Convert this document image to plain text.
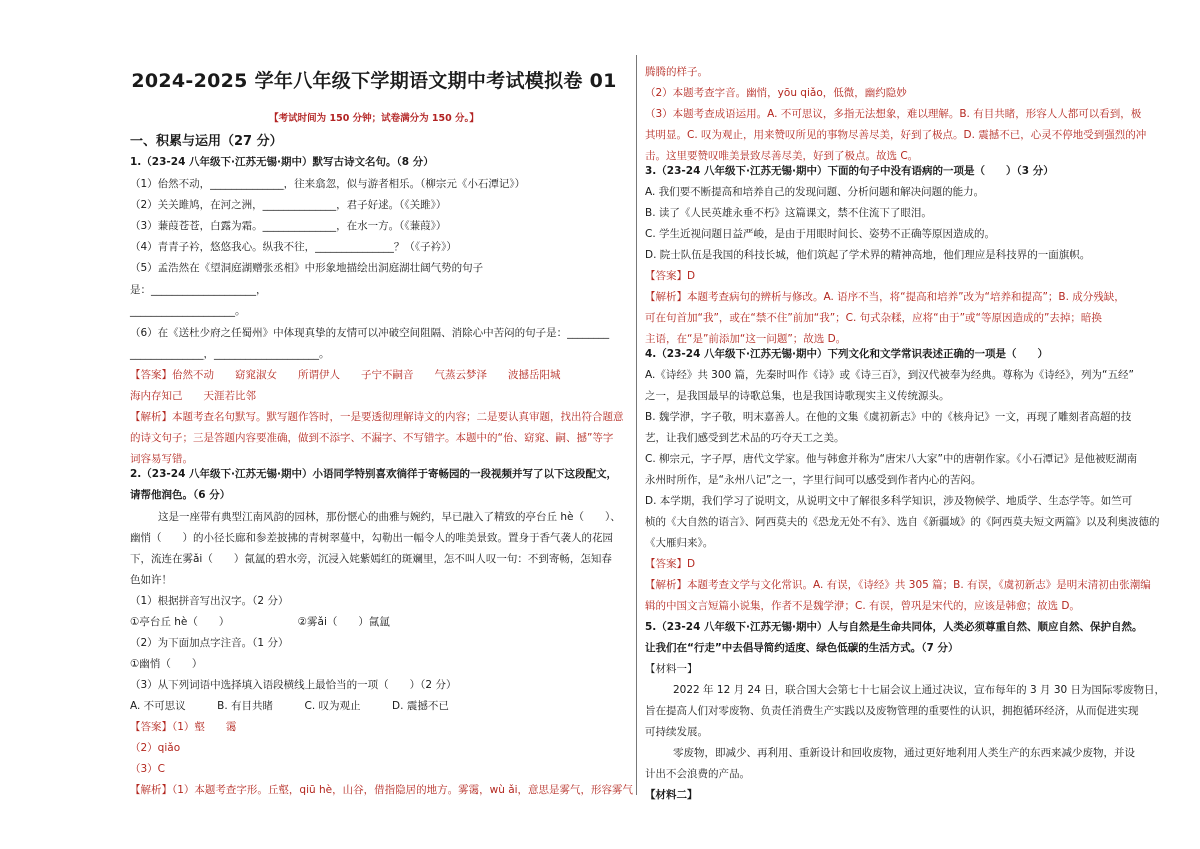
2024-2025 学年八年级下学期语文期中考试模拟卷 01
【考试时间为 150 分钟；试卷满分为 150 分。】
一、积累与运用（27 分）
1.（23-24 八年级下·江苏无锡·期中）默写古诗文名句。（8 分）
（1）佁然不动，______________，往来翕忽，似与游者相乐。（柳宗元《小石潭记》）
（2）关关雎鸠，在河之洲，______________，君子好逑。（《关雎》）
（3）蒹葭苍苍，白露为霜。______________，在水一方。（《蒹葭》）
（4）青青子衿，悠悠我心。纵我不往，_______________？（《子衿》）
（5）孟浩然在《望洞庭湖赠张丞相》中形象地描绘出洞庭湖壮阔气势的句子
是：____________________，
____________________。
（6）在《送杜少府之任蜀州》中体现真挚的友情可以冲破空间阻隔、消除心中苦闷的句子是：________
______________，____________________。
【答案】佁然不动　　窈窕淑女　　所谓伊人　　子宁不嗣音　　气蒸云梦泽　　波撼岳阳城
海内存知己　　天涯若比邻
【解析】本题考查名句默写。默写题作答时，一是要透彻理解诗文的内容；二是要认真审题，找出符合题意
的诗文句子；三是答题内容要准确，做到不添字、不漏字、不写错字。本题中的“佁、窈窕、嗣、撼”等字
词容易写错。
2.（23-24 八年级下·江苏无锡·期中）小语同学特别喜欢徜徉于寄畅园的一段视频并写了以下这段配文，
请帮他润色。（6 分）
这是一座带有典型江南风韵的园林，那份惬心的曲雅与婉约，早已融入了精致的亭台丘 hè（　　）、
幽悄（　　）的小径长廊和参差披拂的青树翠蔓中，勾勒出一幅令人的唯美景致。置身于香气袭人的花园
下，流连在雾ǎi（　　）氤氲的碧水旁，沉浸入姹紫嫣红的斑斓里，怎不叫人叹一句：不到寄畅，怎知春
色如许！
（1）根据拼音写出汉字。（2 分）
①亭台丘 hè（　　）　　　　　　　②雾ǎi（　　）氤氲
（2）为下面加点字注音。（1 分）
①幽悄（　　）
（3）从下列词语中选择填入语段横线上最恰当的一项（　　）（2 分）
A. 不可思议　　　B. 有目共睹　　　C. 叹为观止　　　D. 震撼不已
【答案】（1）壑　　霭
（2）qiǎo
（3）C
【解析】（1）本题考查字形。丘壑，qiū hè，山谷，借指隐居的地方。雾霭，wù ǎi，意思是雾气，形容雾气
腾腾的样子。
（2）本题考查字音。幽悄，yōu qiǎo，低微，幽约隐妙
（3）本题考查成语运用。A. 不可思议，多指无法想象，难以理解。B. 有目共睹，形容人人都可以看到，极
其明显。C. 叹为观止，用来赞叹所见的事物尽善尽美，好到了极点。D. 震撼不已，心灵不停地受到强烈的冲
击。这里要赞叹唯美景致尽善尽美，好到了极点。故选 C。
3.（23-24 八年级下·江苏无锡·期中）下面的句子中没有语病的一项是（　　）（3 分）
A. 我们要不断提高和培养自己的发现问题、分析问题和解决问题的能力。
B. 读了《人民英雄永垂不朽》这篇课文，禁不住流下了眼泪。
C. 学生近视问题日益严峻，是由于用眼时间长、姿势不正确等原因造成的。
D. 院士队伍是我国的科技长城，他们筑起了学术界的精神高地，他们理应是科技界的一面旗帜。
【答案】D
【解析】本题考查病句的辨析与修改。A. 语序不当，将“提高和培养”改为“培养和提高”；B. 成分残缺，
可在句首加“我”，或在“禁不住”前加“我”；C. 句式杂糅，应将“由于”或“等原因造成的”去掉；暗换
主语，在“是”前添加“这一问题”；故选 D。
4.（23-24 八年级下·江苏无锡·期中）下列文化和文学常识表述正确的一项是（　　）
A.《诗经》共 300 篇，先秦时叫作《诗》或《诗三百》，到汉代被奉为经典。尊称为《诗经》，列为“五经”
之一，是我国最早的诗歌总集，也是我国诗歌现实主义传统源头。
B. 魏学洢，字子敬，明末嘉善人。在他的文集《虞初新志》中的《核舟记》一文，再现了雕刻者高超的技
艺，让我们感受到艺术品的巧夺天工之美。
C. 柳宗元，字子厚，唐代文学家。他与韩愈并称为“唐宋八大家”中的唐朝作家。《小石潭记》是他被贬湖南
永州时所作，是“永州八记”之一，字里行间可以感受到作者内心的苦闷。
D. 本学期，我们学习了说明文，从说明文中了解很多科学知识，涉及物候学、地质学、生态学等。如竺可
桢的《大自然的语言》、阿西莫夫的《恐龙无处不有》、选自《新疆域》的《阿西莫夫短文两篇》以及利奥波德的
《大雁归来》。
【答案】D
【解析】本题考查文学与文化常识。A. 有误，《诗经》共 305 篇；B. 有误，《虞初新志》是明末清初由张潮编
辑的中国文言短篇小说集，作者不是魏学洢；C. 有误，曾巩是宋代的，应该是韩愈；故选 D。
5.（23-24 八年级下·江苏无锡·期中）人与自然是生命共同体，人类必须尊重自然、顺应自然、保护自然。
让我们在“行走”中去倡导简约适度、绿色低碳的生活方式。（7 分）
【材料一】
2022 年 12 月 24 日，联合国大会第七十七届会议上通过决议，宣布每年的 3 月 30 日为国际零废物日，
旨在提高人们对零废物、负责任消费生产实践以及废物管理的重要性的认识，拥抱循环经济，从而促进实现
可持续发展。
零废物，即减少、再利用、重新设计和回收废物，通过更好地利用人类生产的东西来减少废物，并设
计出不会浪费的产品。
【材料二】
